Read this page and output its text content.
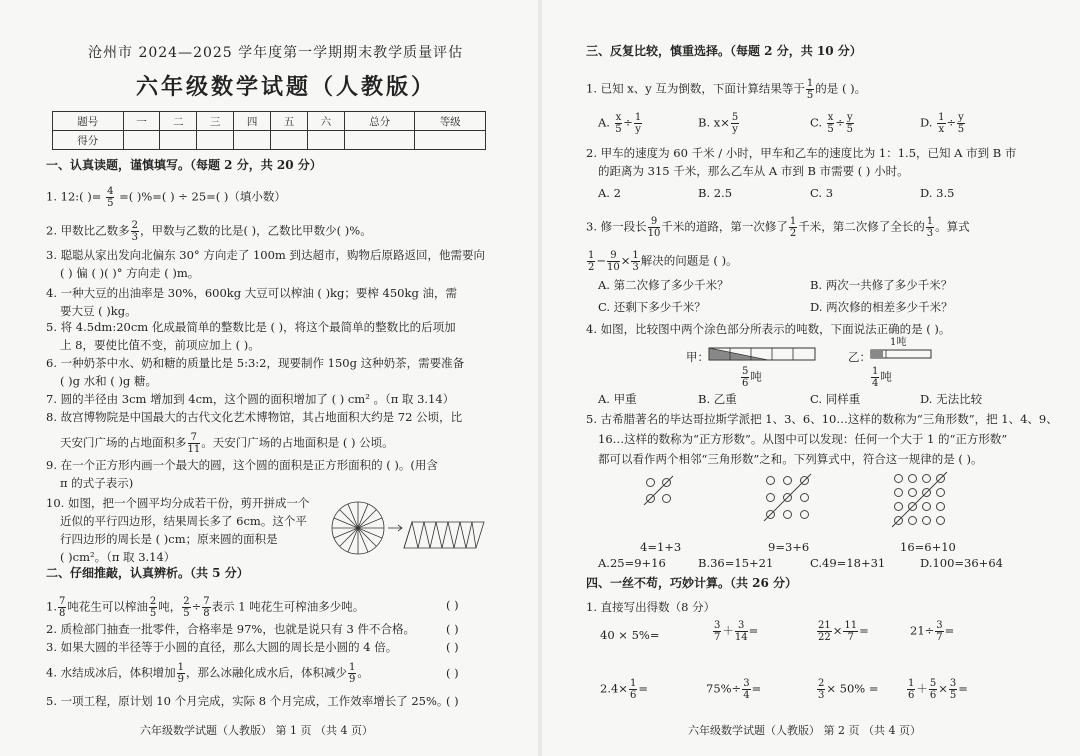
沧州市 2024—2025 学年度第一学期期末教学质量评估
六年级数学试题（人教版）
题号	一	二	三	四	五	六	总分	等级
得分								
一、认真读题，谨慎填写。（每题 2 分，共 20 分）
1. 12:( )= $\frac{4}{5}$ =( )%=( ) ÷ 25=( )（填小数）
2. 甲数比乙数多 $\frac{2}{3}$ ，甲数与乙数的比是( )，乙数比甲数少( )%。
3. 聪聪从家出发向北偏东 30° 方向走了 100m 到达超市，购物后原路返回，他需要向
( ) 偏 ( )( )° 方向走 ( )m。
4. 一种大豆的出油率是 30%，600kg 大豆可以榨油 ( )kg；要榨 450kg 油，需
要大豆 ( )kg。
5. 将 4.5dm:20cm 化成最简单的整数比是 ( )，将这个最简单的整数比的后项加
上 8，要使比值不变，前项应加上 ( )。
6. 一种奶茶中水、奶和糖的质量比是 5:3:2，现要制作 150g 这种奶茶，需要准备
( )g 水和 ( )g 糖。
7. 圆的半径由 3cm 增加到 4cm，这个圆的面积增加了 ( ) cm² 。（π 取 3.14）
8. 故宫博物院是中国最大的古代文化艺术博物馆，其占地面积大约是 72 公顷，比
天安门广场的占地面积多 $\frac{7}{11}$ 。天安门广场的占地面积是 ( ) 公顷。
9. 在一个正方形内画一个最大的圆，这个圆的面积是正方形面积的 ( )。(用含
π 的式子表示)
10. 如图，把一个圆平均分成若干份，剪开拼成一个
近似的平行四边形，结果周长多了 6cm。这个平
行四边形的周长是 ( )cm；原来圆的面积是
( )cm²。（π 取 3.14）
二、仔细推敲，认真辨析。（共 5 分）
1. $\frac{7}{8}$ 吨花生可以榨油 $\frac{2}{5}$ 吨， $\frac{2}{5} \div \frac{7}{8}$ 表示 1 吨花生可榨油多少吨。
2. 质检部门抽查一批零件，合格率是 97%，也就是说只有 3 件不合格。
3. 如果大圆的半径等于小圆的直径，那么大圆的周长是小圆的 4 倍。
4. 水结成冰后，体积增加 $\frac{1}{9}$ ，那么冰融化成水后，体积减少 $\frac{1}{9}$ 。
5. 一项工程，原计划 10 个月完成，实际 8 个月完成，工作效率增长了 25%。
( )
( )
( )
( )
( )
六年级数学试题（人教版） 第 1 页 （共 4 页）
三、反复比较，慎重选择。（每题 2 分，共 10 分）
1. 已知 x、y 互为倒数，下面计算结果等于 $\frac{1}{5}$ 的是 ( )。
A. $\frac{x}{5} \div \frac{1}{y}$	B. $x\times \frac{5}{y}$	C. $\frac{x}{5} \div \frac{y}{5}$	D. $\frac{1}{x} \div \frac{y}{5}$
2. 甲车的速度为 60 千米 / 小时，甲车和乙车的速度比为 1：1.5，已知 A 市到 B 市
的距离为 315 千米，那么乙车从 A 市到 B 市需要 ( ) 小时。
A. 2	B. 2.5	C. 3	D. 3.5
3. 修一段长 $\frac{9}{10}$ 千米的道路，第一次修了 $\frac{1}{2}$ 千米，第二次修了全长的 $\frac{1}{3}$ 。算式
$\frac{1}{2} - \frac{9}{10} \times \frac{1}{3}$ 解决的问题是 ( )。
A. 第二次修了多少千米？	B. 两次一共修了多少千米？
C. 还剩下多少千米？	D. 两次修的相差多少千米？
4. 如图，比较图中两个涂色部分所表示的吨数，下面说法正确的是 ( )。
甲：
$\frac{5}{6}$ 吨
乙：
1吨
$\frac{1}{4}$ 吨
A. 甲重	B. 乙重	C. 同样重	D. 无法比较
5. 古希腊著名的毕达哥拉斯学派把 1、3、6、10…这样的数称为“三角形数”，把 1、4、9、
16…这样的数称为“正方形数”。从图中可以发现：任何一个大于 1 的“正方形数”
都可以看作两个相邻“三角形数”之和。下列算式中，符合这一规律的是 ( )。
4=1+3	9=3+6	16=6+10
A.25=9+16	B.36=15+21	C.49=18+31	D.100=36+64
四、一丝不苟，巧妙计算。（共 26 分）
1. 直接写出得数（8 分）
40 × 5%=	$\frac{3}{7} + \frac{3}{14}$ =	$\frac{21}{22} \times \frac{11}{7}$ =	$21\div \frac{3}{7}$ =
$2.4\times \frac{1}{6}$ =	$75\%\div \frac{3}{4}$ =	$\frac{2}{3} \times 50\%$ =	$\frac{1}{6} + \frac{5}{6} \times \frac{3}{5}$ =
六年级数学试题（人教版） 第 2 页 （共 4 页）
